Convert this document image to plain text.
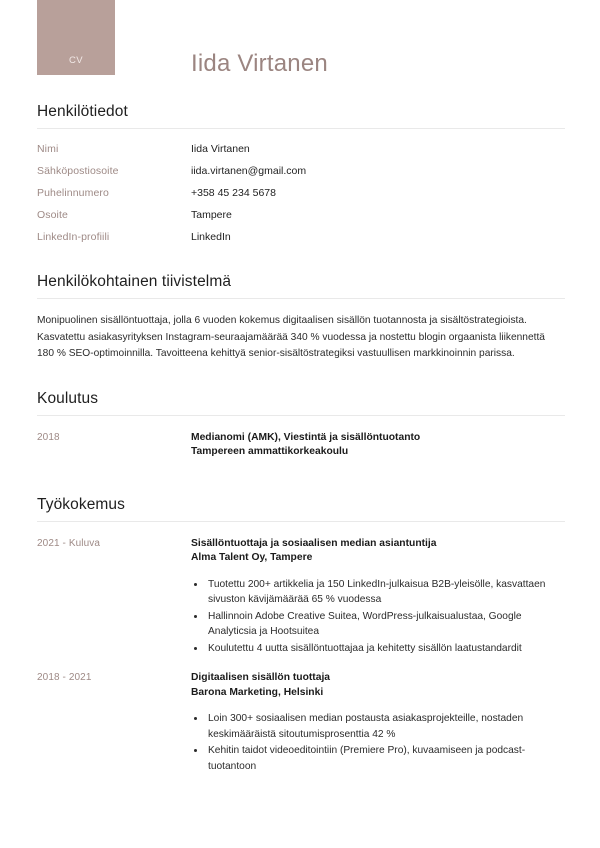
CV	Iida Virtanen
Henkilötiedot
Nimi	Iida Virtanen
Sähköpostiosoite	iida.virtanen@gmail.com
Puhelinnumero	+358 45 234 5678
Osoite	Tampere
LinkedIn-profiili	LinkedIn
Henkilökohtainen tiivistelmä
Monipuolinen sisällöntuottaja, jolla 6 vuoden kokemus digitaalisen sisällön tuotannosta ja sisältöstrategioista. Kasvatettu asiakasyrityksen Instagram-seuraajamäärää 340 % vuodessa ja nostettu blogin orgaanista liikennettä 180 % SEO-optimoinnilla. Tavoitteena kehittyä senior-sisältöstrategiksi vastuullisen markkinoinnin parissa.
Koulutus
2018	Medianomi (AMK), Viestintä ja sisällöntuotanto
Tampereen ammattikorkeakoulu
Työkokemus
2021 - Kuluva	Sisällöntuottaja ja sosiaalisen median asiantuntija
Alma Talent Oy, Tampere
• Tuotettu 200+ artikkelia ja 150 LinkedIn-julkaisua B2B-yleisölle, kasvattaen sivuston kävijämäärää 65 % vuodessa
• Hallinnoin Adobe Creative Suitea, WordPress-julkaisualustaa, Google Analyticsia ja Hootsuitea
• Koulutettu 4 uutta sisällöntuottajaa ja kehitetty sisällön laatustandardit
2018 - 2021	Digitaalisen sisällön tuottaja
Barona Marketing, Helsinki
• Loin 300+ sosiaalisen median postausta asiakasprojekteille, nostaden keskimääräistä sitoutumisprosenttia 42 %
• Kehitin taidot videoeditointiin (Premiere Pro), kuvaamiseen ja podcast-tuotantoon
